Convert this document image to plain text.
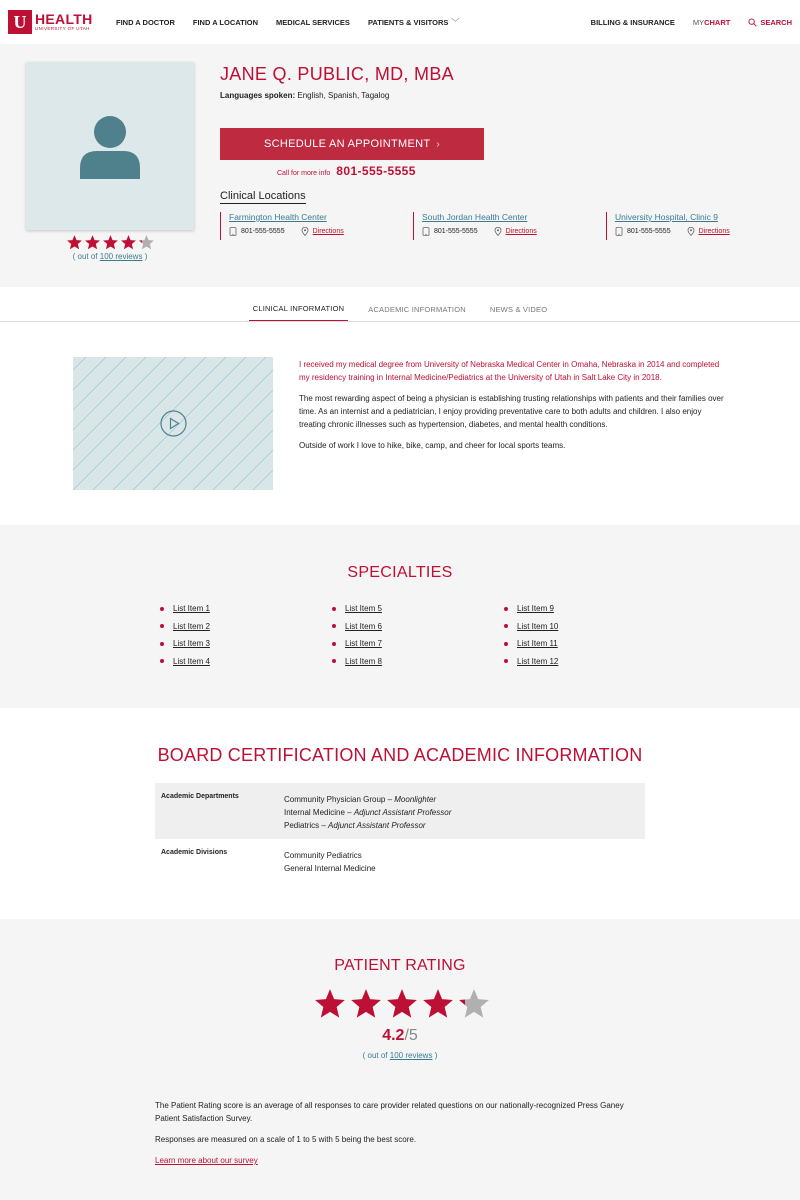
U HEALTH
UNIVERSITY OF UTAH
FIND A DOCTOR FIND A LOCATION MEDICAL SERVICES PATIENTS & VISITORS ﹀	BILLING & INSURANCE MYCHART	SEARCH
( out of 100 reviews )
JANE Q. PUBLIC, MD, MBA
Languages spoken: English, Spanish, Tagalog
SCHEDULE AN APPOINTMENT ›
Call for more info 801-555-5555
Clinical Locations
Farmington Health Center
801-555-5555	Directions
South Jordan Health Center
801-555-5555	Directions
University Hospital, Clinic 9
801-555-5555	Directions
CLINICAL INFORMATION	ACADEMIC INFORMATION	NEWS & VIDEO

I received my medical degree from University of Nebraska Medical Center in Omaha, Nebraska in 2014 and completed my residency training in Internal Medicine/Pediatrics at the University of Utah in Salt Lake City in 2018.

The most rewarding aspect of being a physician is establishing trusting relationships with patients and their families over time. As an internist and a pediatrician, I enjoy providing preventative care to both adults and children. I also enjoy treating chronic illnesses such as hypertension, diabetes, and mental health conditions.

Outside of work I love to hike, bike, camp, and cheer for local sports teams.

SPECIALTIES
List Item 1
List Item 2
List Item 3
List Item 4
List Item 5
List Item 6
List Item 7
List Item 8
List Item 9
List Item 10
List Item 11
List Item 12
BOARD CERTIFICATION AND ACADEMIC INFORMATION
Academic Departments	Community Physician Group – Moonlighter
Internal Medicine – Adjunct Assistant Professor
Pediatrics – Adjunct Assistant Professor
Academic Divisions	Community Pediatrics
General Internal Medicine
PATIENT RATING
4.2/5
( out of 100 reviews )

The Patient Rating score is an average of all responses to care provider related questions on our nationally-recognized Press Ganey Patient Satisfaction Survey.

Responses are measured on a scale of 1 to 5 with 5 being the best score.

Learn more about our survey
